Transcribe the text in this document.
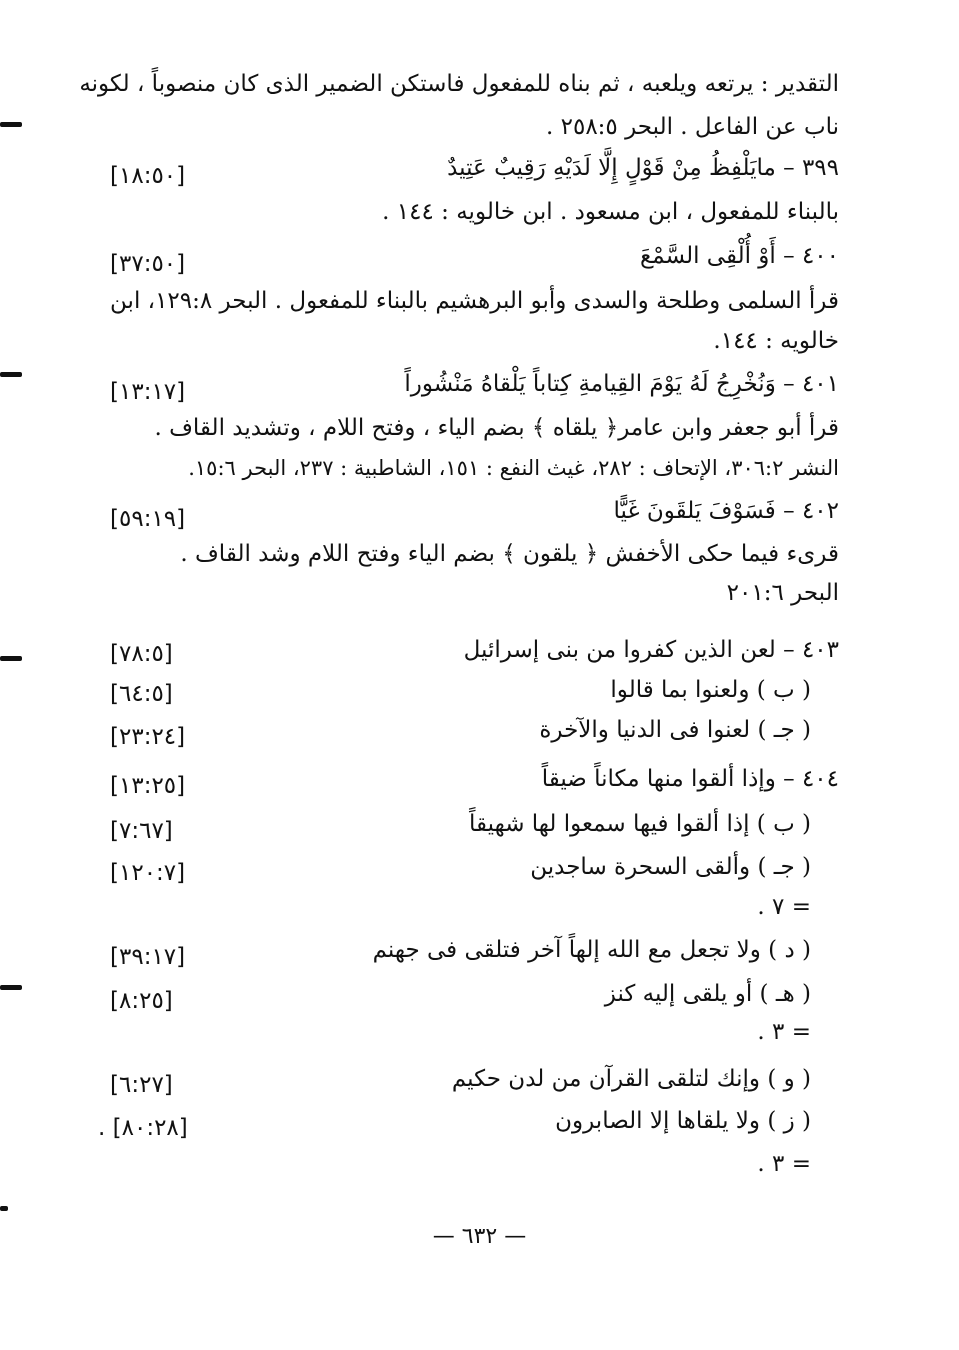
التقدير : يرتعه ويلعبه ، ثم بناه للمفعول فاستكن الضمير الذى كان منصوباً ، لكونه
ناب عن الفاعل . البحر ٢٥٨:٥ .
٣٩٩ – مايَلْفِظُ مِنْ قَوْلٍ إِلَّا لَدَيْهِ رَقِيبٌ عَتِيدٌ
بالبناء للمفعول ، ابن مسعود . ابن خالويه : ١٤٤ .
٤٠٠ – أَوْ أُلْقِى السَّمْعَ
قرأ السلمى وطلحة والسدى وأبو البرهشيم بالبناء للمفعول . البحر ١٢٩:٨، ابن
خالويه : ١٤٤.
٤٠١ – وَنُخْرِجُ لَهُ يَوْمَ القِيامةِ كِتاباً يَلْقاهُ مَنْشُوراً
قرأ أبو جعفر وابن عامر﴿ يلقاه ﴾ بضم الياء ، وفتح اللام ، وتشديد القاف .
النشر ٣٠٦:٢، الإتحاف : ٢٨٢، غيث النفع : ١٥١، الشاطبية : ٢٣٧، البحر ١٥:٦.
٤٠٢ – فَسَوْفَ يَلقَونَ غَيًّا
قرىء فيما حكى الأخفش ﴿ يلقون ﴾ بضم الياء وفتح اللام وشد القاف .
البحر ٢٠١:٦
٤٠٣ – لعن الذين كفروا من بنى إسرائيل
( ب ) ولعنوا بما قالوا
( جـ ) لعنوا فى الدنيا والآخرة
٤٠٤ – وإذا ألقوا منها مكاناً ضيقاً
( ب ) إذا ألقوا فيها سمعوا لها شهيقاً
( جـ ) وألقى السحرة ساجدين
= ٧ .
( د ) ولا تجعل مع الله إلهاً آخر فتلقى فى جهنم
( هـ ) أو يلقى إليه كنز
= ٣ .
( و ) وإنك لتلقى القرآن من لدن حكيم
( ز ) ولا يلقاها إلا الصابرون
= ٣ .
[١٨:٥٠]
[٣٧:٥٠]
[١٣:١٧]
[٥٩:١٩]
[٧٨:٥]
[٦٤:٥]
[٢٣:٢٤]
[١٣:٢٥]
[٧:٦٧]
[١٢٠:٧]
[٣٩:١٧]
[٨:٢٥]
[٦:٢٧]
. [٨٠:٢٨]
— ٦٣٢ —
